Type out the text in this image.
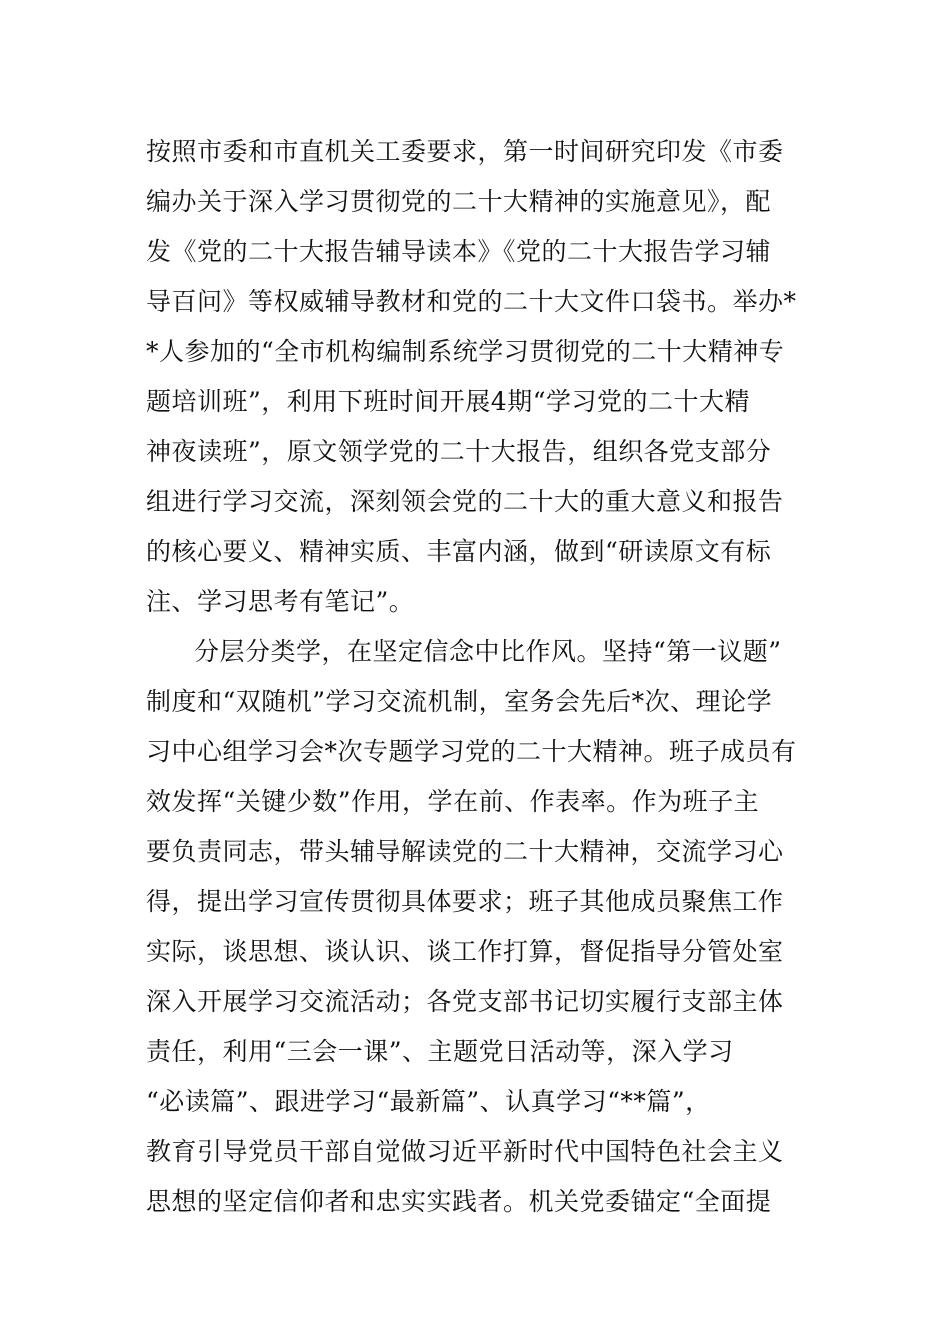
按照市委和市直机关工委要求，第一时间研究印发《市委
编办关于深入学习贯彻党的二十大精神的实施意见》，配
发《党的二十大报告辅导读本》《党的二十大报告学习辅
导百问》等权威辅导教材和党的二十大文件口袋书。举办*
*人参加的“全市机构编制系统学习贯彻党的二十大精神专
题培训班”，利用下班时间开展4期“学习党的二十大精
神夜读班”，原文领学党的二十大报告，组织各党支部分
组进行学习交流，深刻领会党的二十大的重大意义和报告
的核心要义、精神实质、丰富内涵，做到“研读原文有标
注、学习思考有笔记”。
分层分类学，在坚定信念中比作风。坚持“第一议题”
制度和“双随机”学习交流机制，室务会先后*次、理论学
习中心组学习会*次专题学习党的二十大精神。班子成员有
效发挥“关键少数”作用，学在前、作表率。作为班子主
要负责同志，带头辅导解读党的二十大精神，交流学习心
得，提出学习宣传贯彻具体要求；班子其他成员聚焦工作
实际，谈思想、谈认识、谈工作打算，督促指导分管处室
深入开展学习交流活动；各党支部书记切实履行支部主体
责任，利用“三会一课”、主题党日活动等，深入学习
“必读篇”、跟进学习“最新篇”、认真学习“**篇”，
教育引导党员干部自觉做习近平新时代中国特色社会主义
思想的坚定信仰者和忠实实践者。机关党委锚定“全面提
